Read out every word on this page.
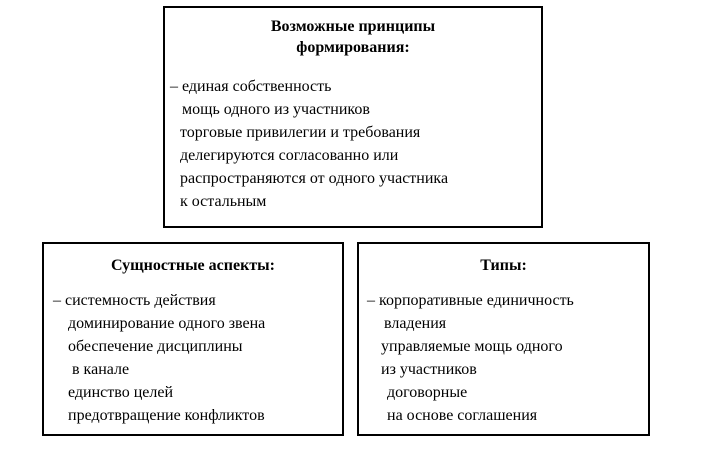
Возможные принципы
формирования:
– единая собственность
мощь одного из участников
торговые привилегии и требования
делегируются согласованно или
распространяются от одного участника
к остальным
Сущностные аспекты:
– системность действия
доминирование одного звена
обеспечение дисциплины
в канале
единство целей
предотвращение конфликтов
Типы:
– корпоративные единичность
владения
управляемые мощь одного
из участников
договорные
на основе соглашения
